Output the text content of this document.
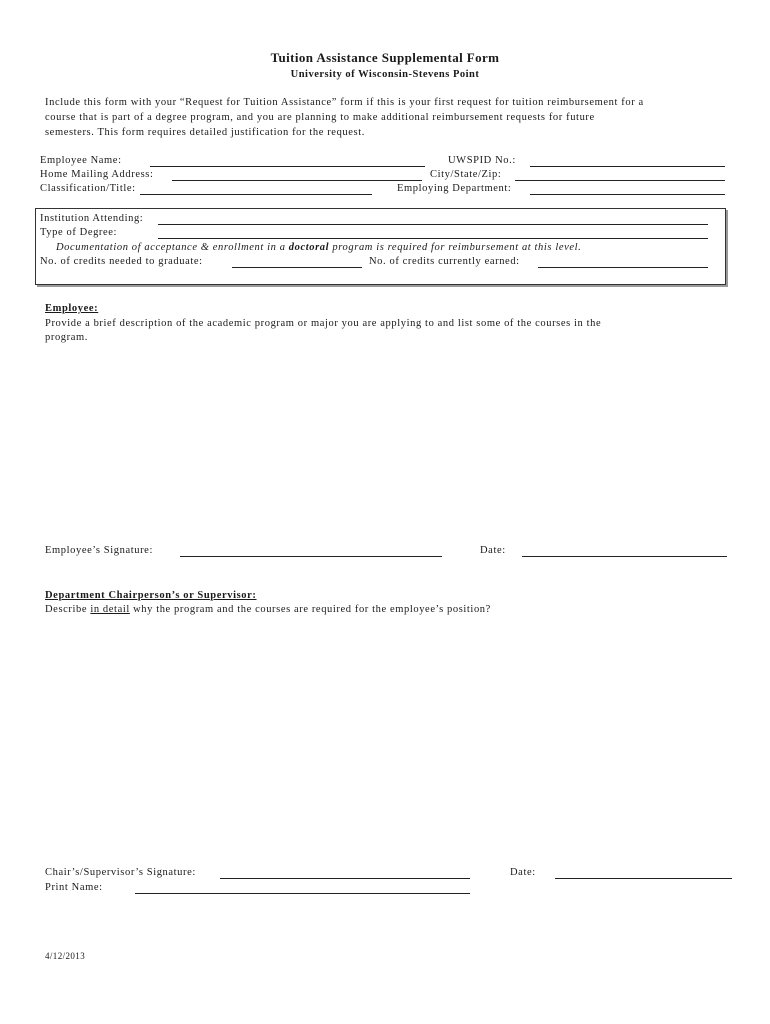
Tuition Assistance Supplemental Form
University of Wisconsin-Stevens Point
Include this form with your “Request for Tuition Assistance” form if this is your first request for tuition reimbursement for a
course that is part of a degree program, and you are planning to make additional reimbursement requests for future
semesters. This form requires detailed justification for the request.
Employee Name:	UWSPID No.:
Home Mailing Address:	City/State/Zip:
Classification/Title:	Employing Department:
Institution Attending:
Type of Degree:
Documentation of acceptance & enrollment in a doctoral program is required for reimbursement at this level.
No. of credits needed to graduate:	No. of credits currently earned:
Employee:
Provide a brief description of the academic program or major you are applying to and list some of the courses in the
program.
Employee’s Signature:	Date:
Department Chairperson’s or Supervisor:
Describe in detail why the program and the courses are required for the employee’s position?
Chair’s/Supervisor’s Signature:	Date:
Print Name:
4/12/2013
